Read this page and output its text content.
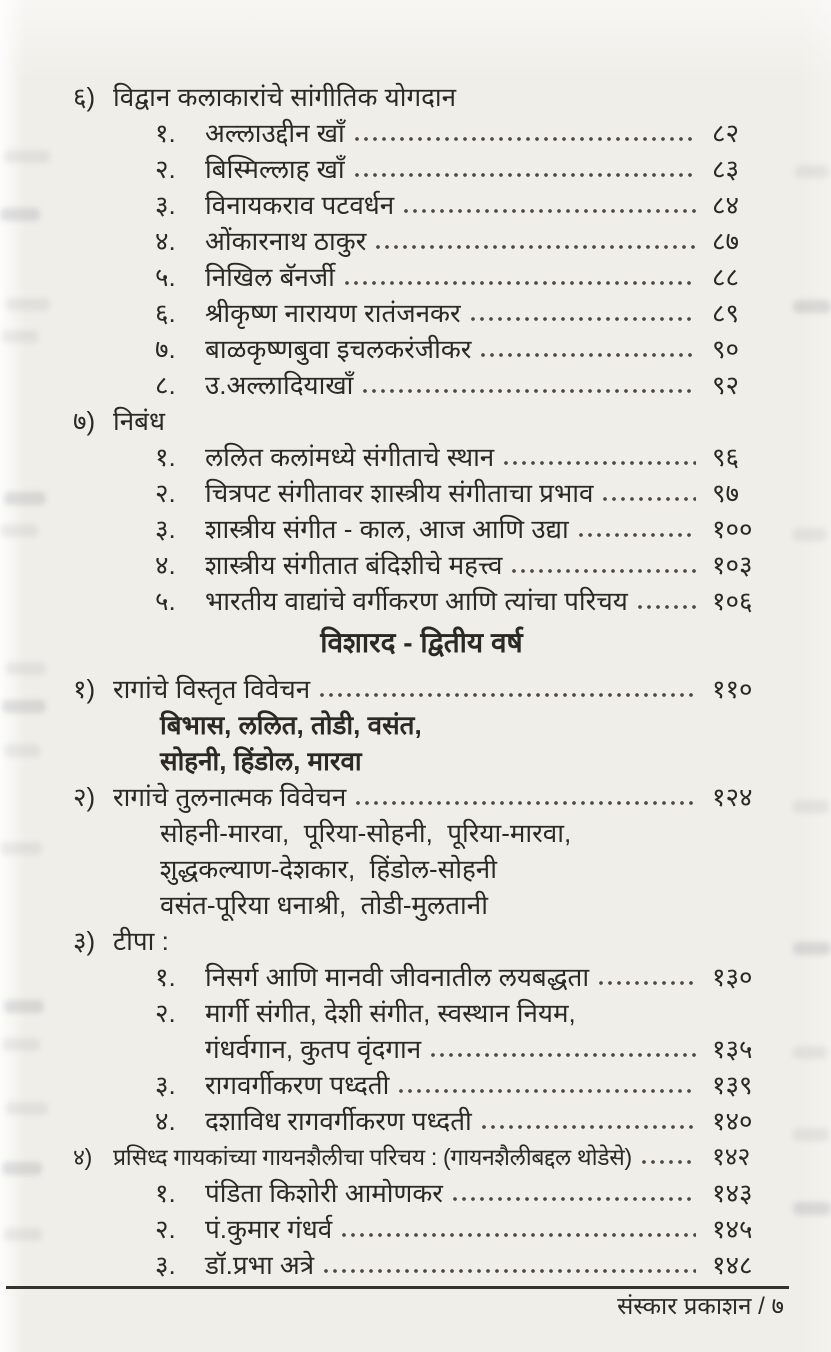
६) विद्वान कलाकारांचे सांगीतिक योगदान
१.	अल्लाउद्दीन खाँ	८२
२.	बिस्मिल्लाह खाँ	८३
३.	विनायकराव पटवर्धन	८४
४.	ओंकारनाथ ठाकुर	८७
५.	निखिल बॅनर्जी	८८
६.	श्रीकृष्ण नारायण रातंजनकर	८९
७.	बाळकृष्णबुवा इचलकरंजीकर	९०
८.	उ.अल्लादियाखाँ	९२
७) निबंध
१.	ललित कलांमध्ये संगीताचे स्थान	९६
२.	चित्रपट संगीतावर शास्त्रीय संगीताचा प्रभाव	९७
३.	शास्त्रीय संगीत - काल, आज आणि उद्या	१००
४.	शास्त्रीय संगीतात बंदिशीचे महत्त्व	१०३
५.	भारतीय वाद्यांचे वर्गीकरण आणि त्यांचा परिचय	१०६
विशारद - द्वितीय वर्ष
१) रागांचे विस्तृत विवेचन	११०
बिभास, ललित, तोडी, वसंत,
सोहनी, हिंडोल, मारवा
२) रागांचे तुलनात्मक विवेचन	१२४
सोहनी-मारवा,  पूरिया-सोहनी,  पूरिया-मारवा,
शुद्धकल्याण-देशकार,  हिंडोल-सोहनी
वसंत-पूरिया धनाश्री,  तोडी-मुलतानी
३) टीपा :
१.	निसर्ग आणि मानवी जीवनातील लयबद्धता	१३०
२.	मार्गी संगीत, देशी संगीत, स्वस्थान नियम,
गंधर्वगान, कुतप वृंदगान	१३५
३.	रागवर्गीकरण पध्दती	१३९
४.	दशाविध रागवर्गीकरण पध्दती	१४०
४) प्रसिध्द गायकांच्या गायनशैलीचा परिचय : (गायनशैलीबद्दल थोडेसे)	१४२
१.	पंडिता किशोरी आमोणकर	१४३
२.	पं.कुमार गंधर्व	१४५
३.	डॉ.प्रभा अत्रे	१४८
संस्कार प्रकाशन / ७
